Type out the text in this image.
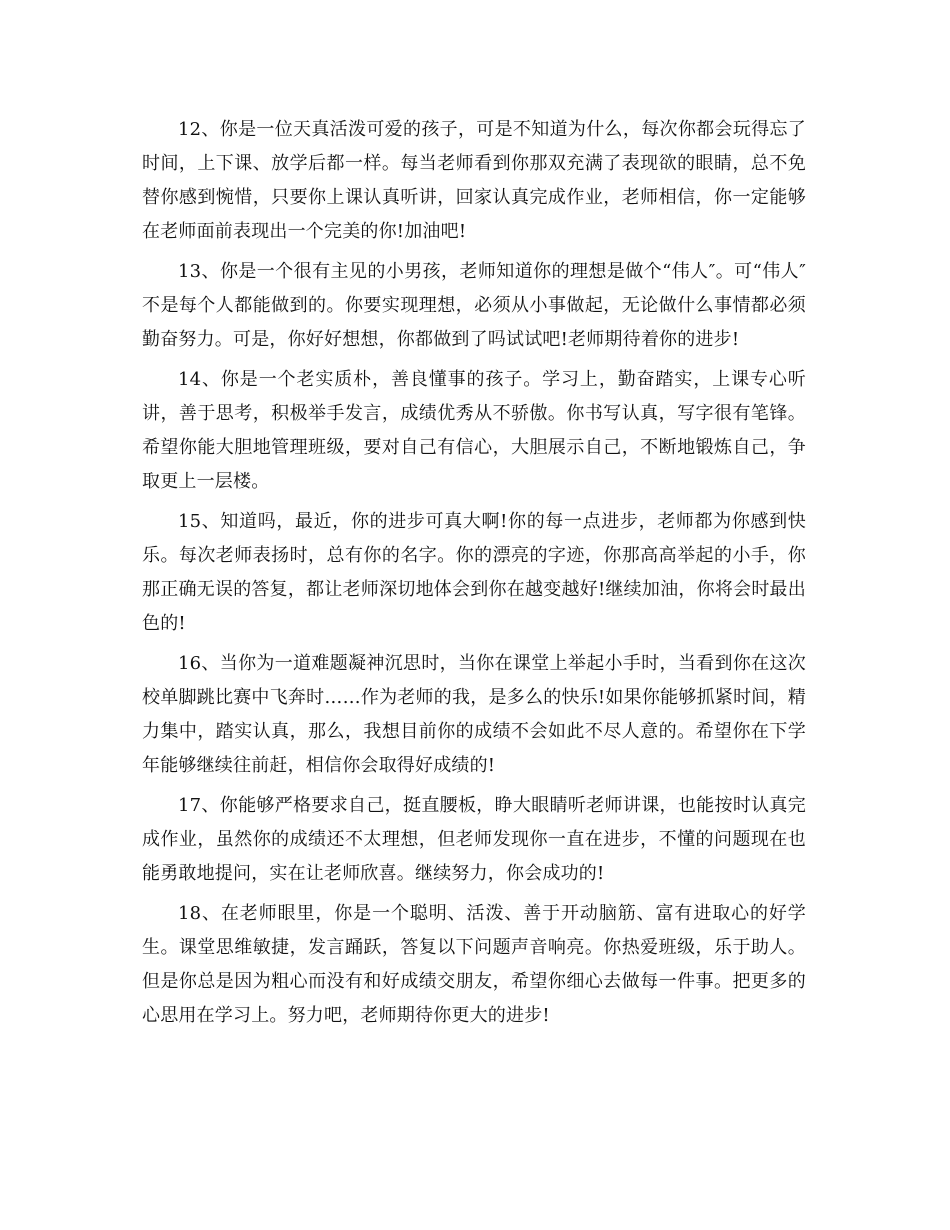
12、你是一位天真活泼可爱的孩子，可是不知道为什么，每次你都会玩得忘了时间，上下课、放学后都一样。每当老师看到你那双充满了表现欲的眼睛，总不免替你感到惋惜，只要你上课认真听讲，回家认真完成作业，老师相信，你一定能够在老师面前表现出一个完美的你!加油吧!

13、你是一个很有主见的小男孩，老师知道你的理想是做个“伟人″。可“伟人″不是每个人都能做到的。你要实现理想，必须从小事做起，无论做什么事情都必须勤奋努力。可是，你好好想想，你都做到了吗试试吧!老师期待着你的进步!

14、你是一个老实质朴，善良懂事的孩子。学习上，勤奋踏实，上课专心听讲，善于思考，积极举手发言，成绩优秀从不骄傲。你书写认真，写字很有笔锋。希望你能大胆地管理班级，要对自己有信心，大胆展示自己，不断地锻炼自己，争取更上一层楼。

15、知道吗，最近，你的进步可真大啊!你的每一点进步，老师都为你感到快乐。每次老师表扬时，总有你的名字。你的漂亮的字迹，你那高高举起的小手，你那正确无误的答复，都让老师深切地体会到你在越变越好!继续加油，你将会时最出色的!

16、当你为一道难题凝神沉思时，当你在课堂上举起小手时，当看到你在这次校单脚跳比赛中飞奔时……作为老师的我，是多么的快乐!如果你能够抓紧时间，精力集中，踏实认真，那么，我想目前你的成绩不会如此不尽人意的。希望你在下学年能够继续往前赶，相信你会取得好成绩的!

17、你能够严格要求自己，挺直腰板，睁大眼睛听老师讲课，也能按时认真完成作业，虽然你的成绩还不太理想，但老师发现你一直在进步，不懂的问题现在也能勇敢地提问，实在让老师欣喜。继续努力，你会成功的!

18、在老师眼里，你是一个聪明、活泼、善于开动脑筋、富有进取心的好学生。课堂思维敏捷，发言踊跃，答复以下问题声音响亮。你热爱班级，乐于助人。但是你总是因为粗心而没有和好成绩交朋友，希望你细心去做每一件事。把更多的心思用在学习上。努力吧，老师期待你更大的进步!
